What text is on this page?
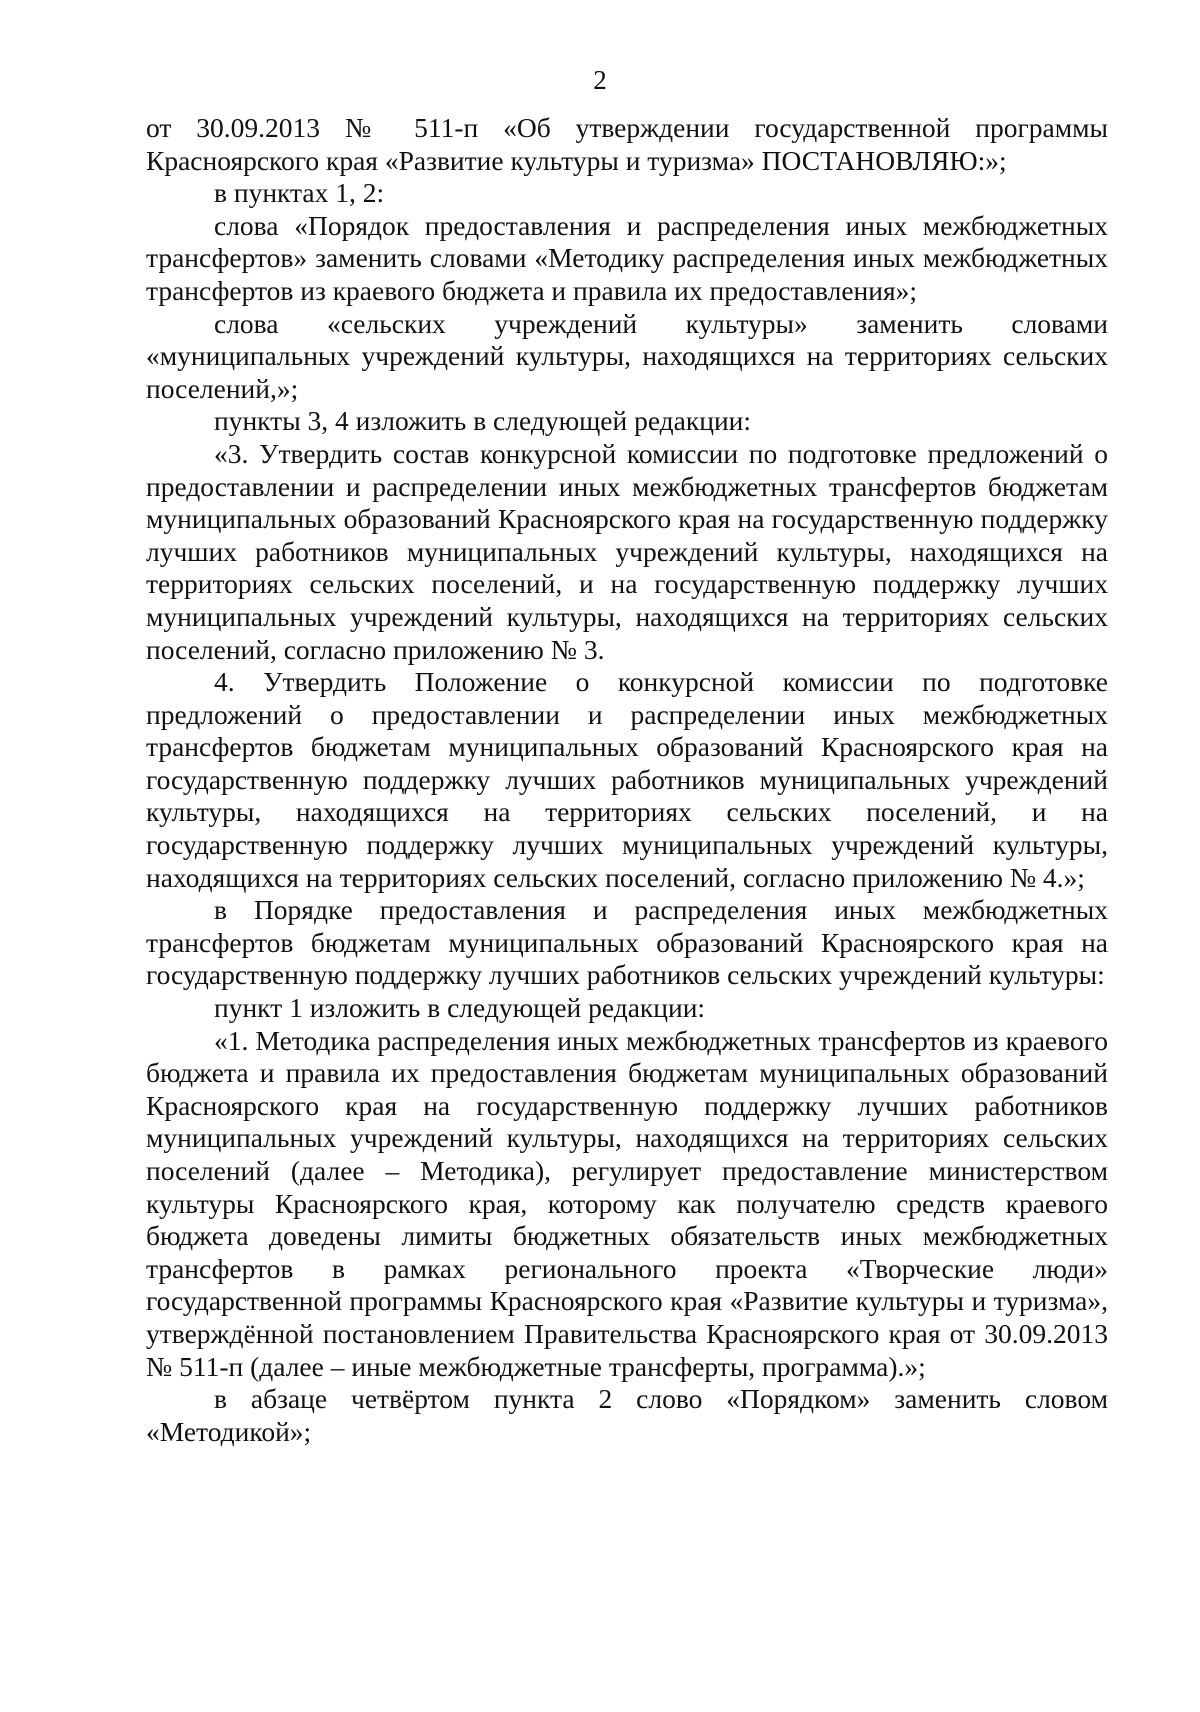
2

от 30.09.2013 № 511-п «Об утверждении государственной программы Красноярского края «Развитие культуры и туризма» ПОСТАНОВЛЯЮ:»;

в пунктах 1, 2:

слова «Порядок предоставления и распределения иных межбюджетных трансфертов» заменить словами «Методику распределения иных межбюджетных трансфертов из краевого бюджета и правила их предоставления»;

слова «сельских учреждений культуры» заменить словами «муниципальных учреждений культуры, находящихся на территориях сельских поселений,»;

пункты 3, 4 изложить в следующей редакции:

«3. Утвердить состав конкурсной комиссии по подготовке предложений о предоставлении и распределении иных межбюджетных трансфертов бюджетам муниципальных образований Красноярского края на государственную поддержку лучших работников муниципальных учреждений культуры, находящихся на территориях сельских поселений, и на государственную поддержку лучших муниципальных учреждений культуры, находящихся на территориях сельских поселений, согласно приложению № 3.

4. Утвердить Положение о конкурсной комиссии по подготовке предложений о предоставлении и распределении иных межбюджетных трансфертов бюджетам муниципальных образований Красноярского края на государственную поддержку лучших работников муниципальных учреждений культуры, находящихся на территориях сельских поселений, и на государственную поддержку лучших муниципальных учреждений культуры, находящихся на территориях сельских поселений, согласно приложению № 4.»;

в Порядке предоставления и распределения иных межбюджетных трансфертов бюджетам муниципальных образований Красноярского края на государственную поддержку лучших работников сельских учреждений культуры:

пункт 1 изложить в следующей редакции:

«1. Методика распределения иных межбюджетных трансфертов из краевого бюджета и правила их предоставления бюджетам муниципальных образований Красноярского края на государственную поддержку лучших работников муниципальных учреждений культуры, находящихся на территориях сельских поселений (далее – Методика), регулирует предоставление министерством культуры Красноярского края, которому как получателю средств краевого бюджета доведены лимиты бюджетных обязательств иных межбюджетных трансфертов в рамках регионального проекта «Творческие люди» государственной программы Красноярского края «Развитие культуры и туризма», утверждённой постановлением Правительства Красноярского края от 30.09.2013 № 511-п (далее – иные межбюджетные трансферты, программа).»;

в абзаце четвёртом пункта 2 слово «Порядком» заменить словом «Методикой»;
